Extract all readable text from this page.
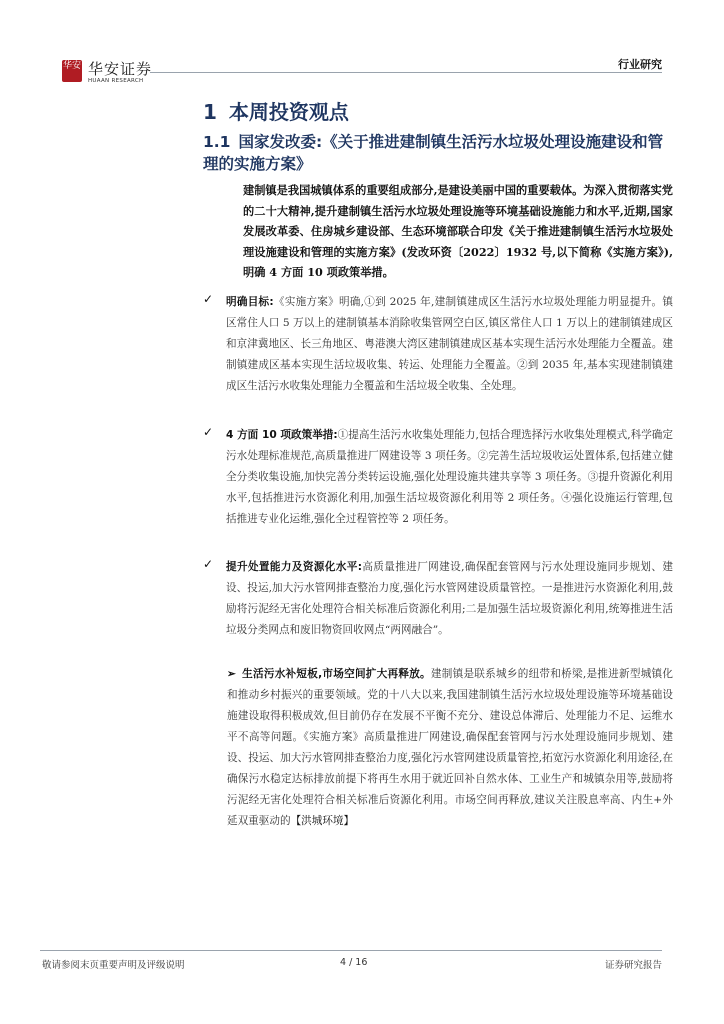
华安 华安证券
HUAAN RESEARCH
行业研究
1 本周投资观点
1.1 国家发改委:《关于推进建制镇生活污水垃圾处理设施建设和管理的实施方案》
建制镇是我国城镇体系的重要组成部分,是建设美丽中国的重要载体。为深入贯彻落实党的二十大精神,提升建制镇生活污水垃圾处理设施等环境基础设施能力和水平,近期,国家发展改革委、住房城乡建设部、生态环境部联合印发《关于推进建制镇生活污水垃圾处理设施建设和管理的实施方案》(发改环资〔2022〕1932 号,以下简称《实施方案》),明确 4 方面 10 项政策举措。
✓ 明确目标:《实施方案》明确,①到 2025 年,建制镇建成区生活污水垃圾处理能力明显提升。镇区常住人口 5 万以上的建制镇基本消除收集管网空白区,镇区常住人口 1 万以上的建制镇建成区和京津冀地区、长三角地区、粤港澳大湾区建制镇建成区基本实现生活污水处理能力全覆盖。建制镇建成区基本实现生活垃圾收集、转运、处理能力全覆盖。②到 2035 年,基本实现建制镇建成区生活污水收集处理能力全覆盖和生活垃圾全收集、全处理。
✓ 4 方面 10 项政策举措:①提高生活污水收集处理能力,包括合理选择污水收集处理模式,科学确定污水处理标准规范,高质量推进厂网建设等 3 项任务。②完善生活垃圾收运处置体系,包括建立健全分类收集设施,加快完善分类转运设施,强化处理设施共建共享等 3 项任务。③提升资源化利用水平,包括推进污水资源化利用,加强生活垃圾资源化利用等 2 项任务。④强化设施运行管理,包括推进专业化运维,强化全过程管控等 2 项任务。
✓ 提升处置能力及资源化水平:高质量推进厂网建设,确保配套管网与污水处理设施同步规划、建设、投运,加大污水管网排查整治力度,强化污水管网建设质量管控。一是推进污水资源化利用,鼓励将污泥经无害化处理符合相关标准后资源化利用;二是加强生活垃圾资源化利用,统筹推进生活垃圾分类网点和废旧物资回收网点“两网融合”。
➢ 生活污水补短板,市场空间扩大再释放。建制镇是联系城乡的纽带和桥梁,是推进新型城镇化和推动乡村振兴的重要领域。党的十八大以来,我国建制镇生活污水垃圾处理设施等环境基础设施建设取得积极成效,但目前仍存在发展不平衡不充分、建设总体滞后、处理能力不足、运维水平不高等问题。《实施方案》高质量推进厂网建设,确保配套管网与污水处理设施同步规划、建设、投运、加大污水管网排查整治力度,强化污水管网建设质量管控,拓宽污水资源化利用途径,在确保污水稳定达标排放前提下将再生水用于就近回补自然水体、工业生产和城镇杂用等,鼓励将污泥经无害化处理符合相关标准后资源化利用。市场空间再释放,建议关注股息率高、内生+外延双重驱动的【洪城环境】
敬请参阅末页重要声明及评级说明	4 / 16	证券研究报告
